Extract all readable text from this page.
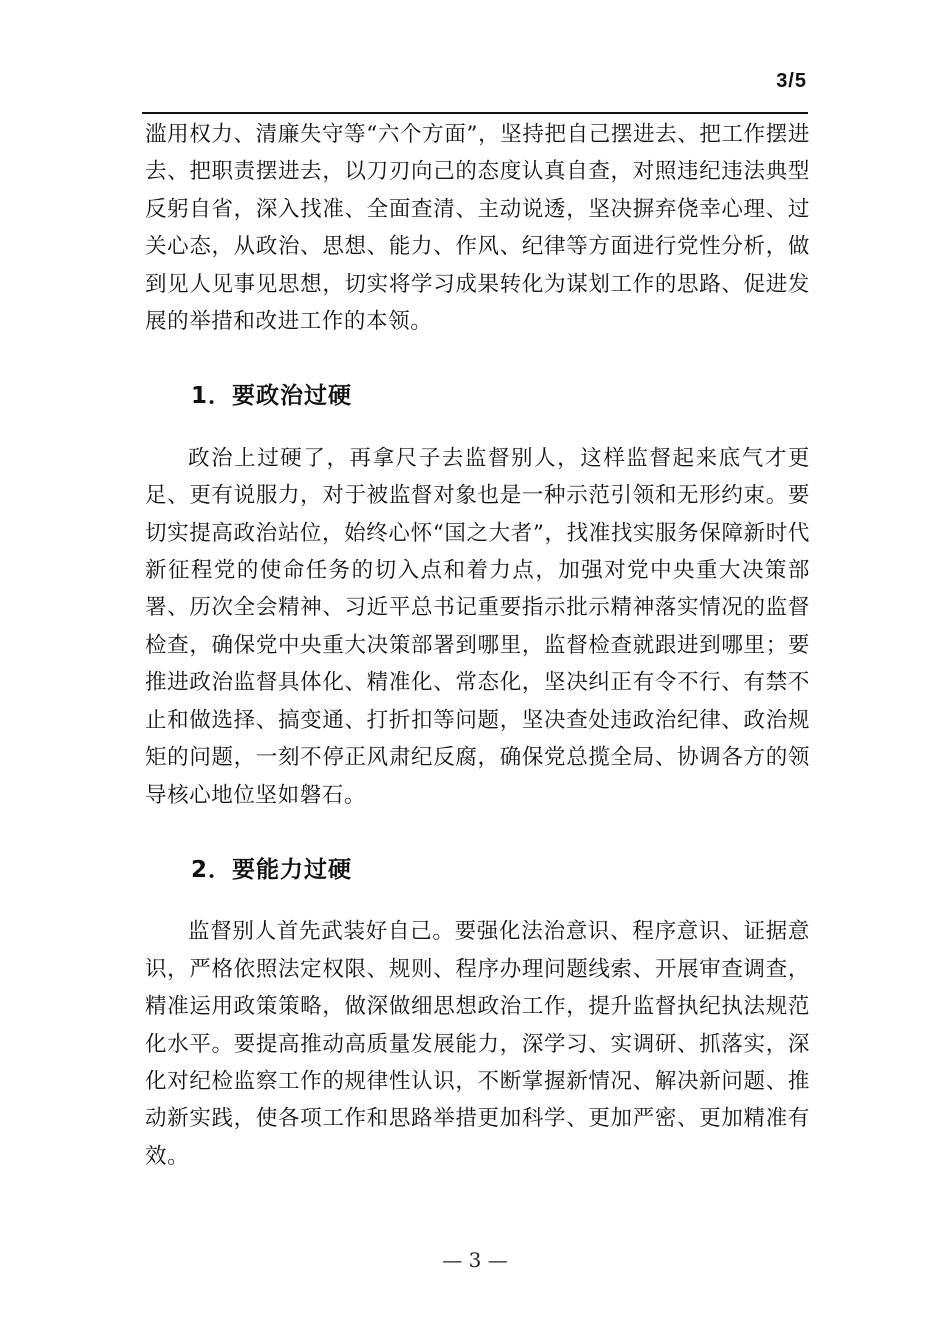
3/5

滥用权力、清廉失守等“六个方面”，坚持把自己摆进去、把工作摆进去、把职责摆进去，以刀刃向己的态度认真自查，对照违纪违法典型反躬自省，深入找准、全面查清、主动说透，坚决摒弃侥幸心理、过关心态，从政治、思想、能力、作风、纪律等方面进行党性分析，做到见人见事见思想，切实将学习成果转化为谋划工作的思路、促进发展的举措和改进工作的本领。

1．要政治过硬

政治上过硬了，再拿尺子去监督别人，这样监督起来底气才更足、更有说服力，对于被监督对象也是一种示范引领和无形约束。要切实提高政治站位，始终心怀“国之大者”，找准找实服务保障新时代新征程党的使命任务的切入点和着力点，加强对党中央重大决策部署、历次全会精神、习近平总书记重要指示批示精神落实情况的监督检查，确保党中央重大决策部署到哪里，监督检查就跟进到哪里；要推进政治监督具体化、精准化、常态化，坚决纠正有令不行、有禁不止和做选择、搞变通、打折扣等问题，坚决查处违政治纪律、政治规矩的问题，一刻不停正风肃纪反腐，确保党总揽全局、协调各方的领导核心地位坚如磐石。

2．要能力过硬

监督别人首先武装好自己。要强化法治意识、程序意识、证据意识，严格依照法定权限、规则、程序办理问题线索、开展审查调查，精准运用政策策略，做深做细思想政治工作，提升监督执纪执法规范化水平。要提高推动高质量发展能力，深学习、实调研、抓落实，深化对纪检监察工作的规律性认识，不断掌握新情况、解决新问题、推动新实践，使各项工作和思路举措更加科学、更加严密、更加精准有效。

— 3 —
